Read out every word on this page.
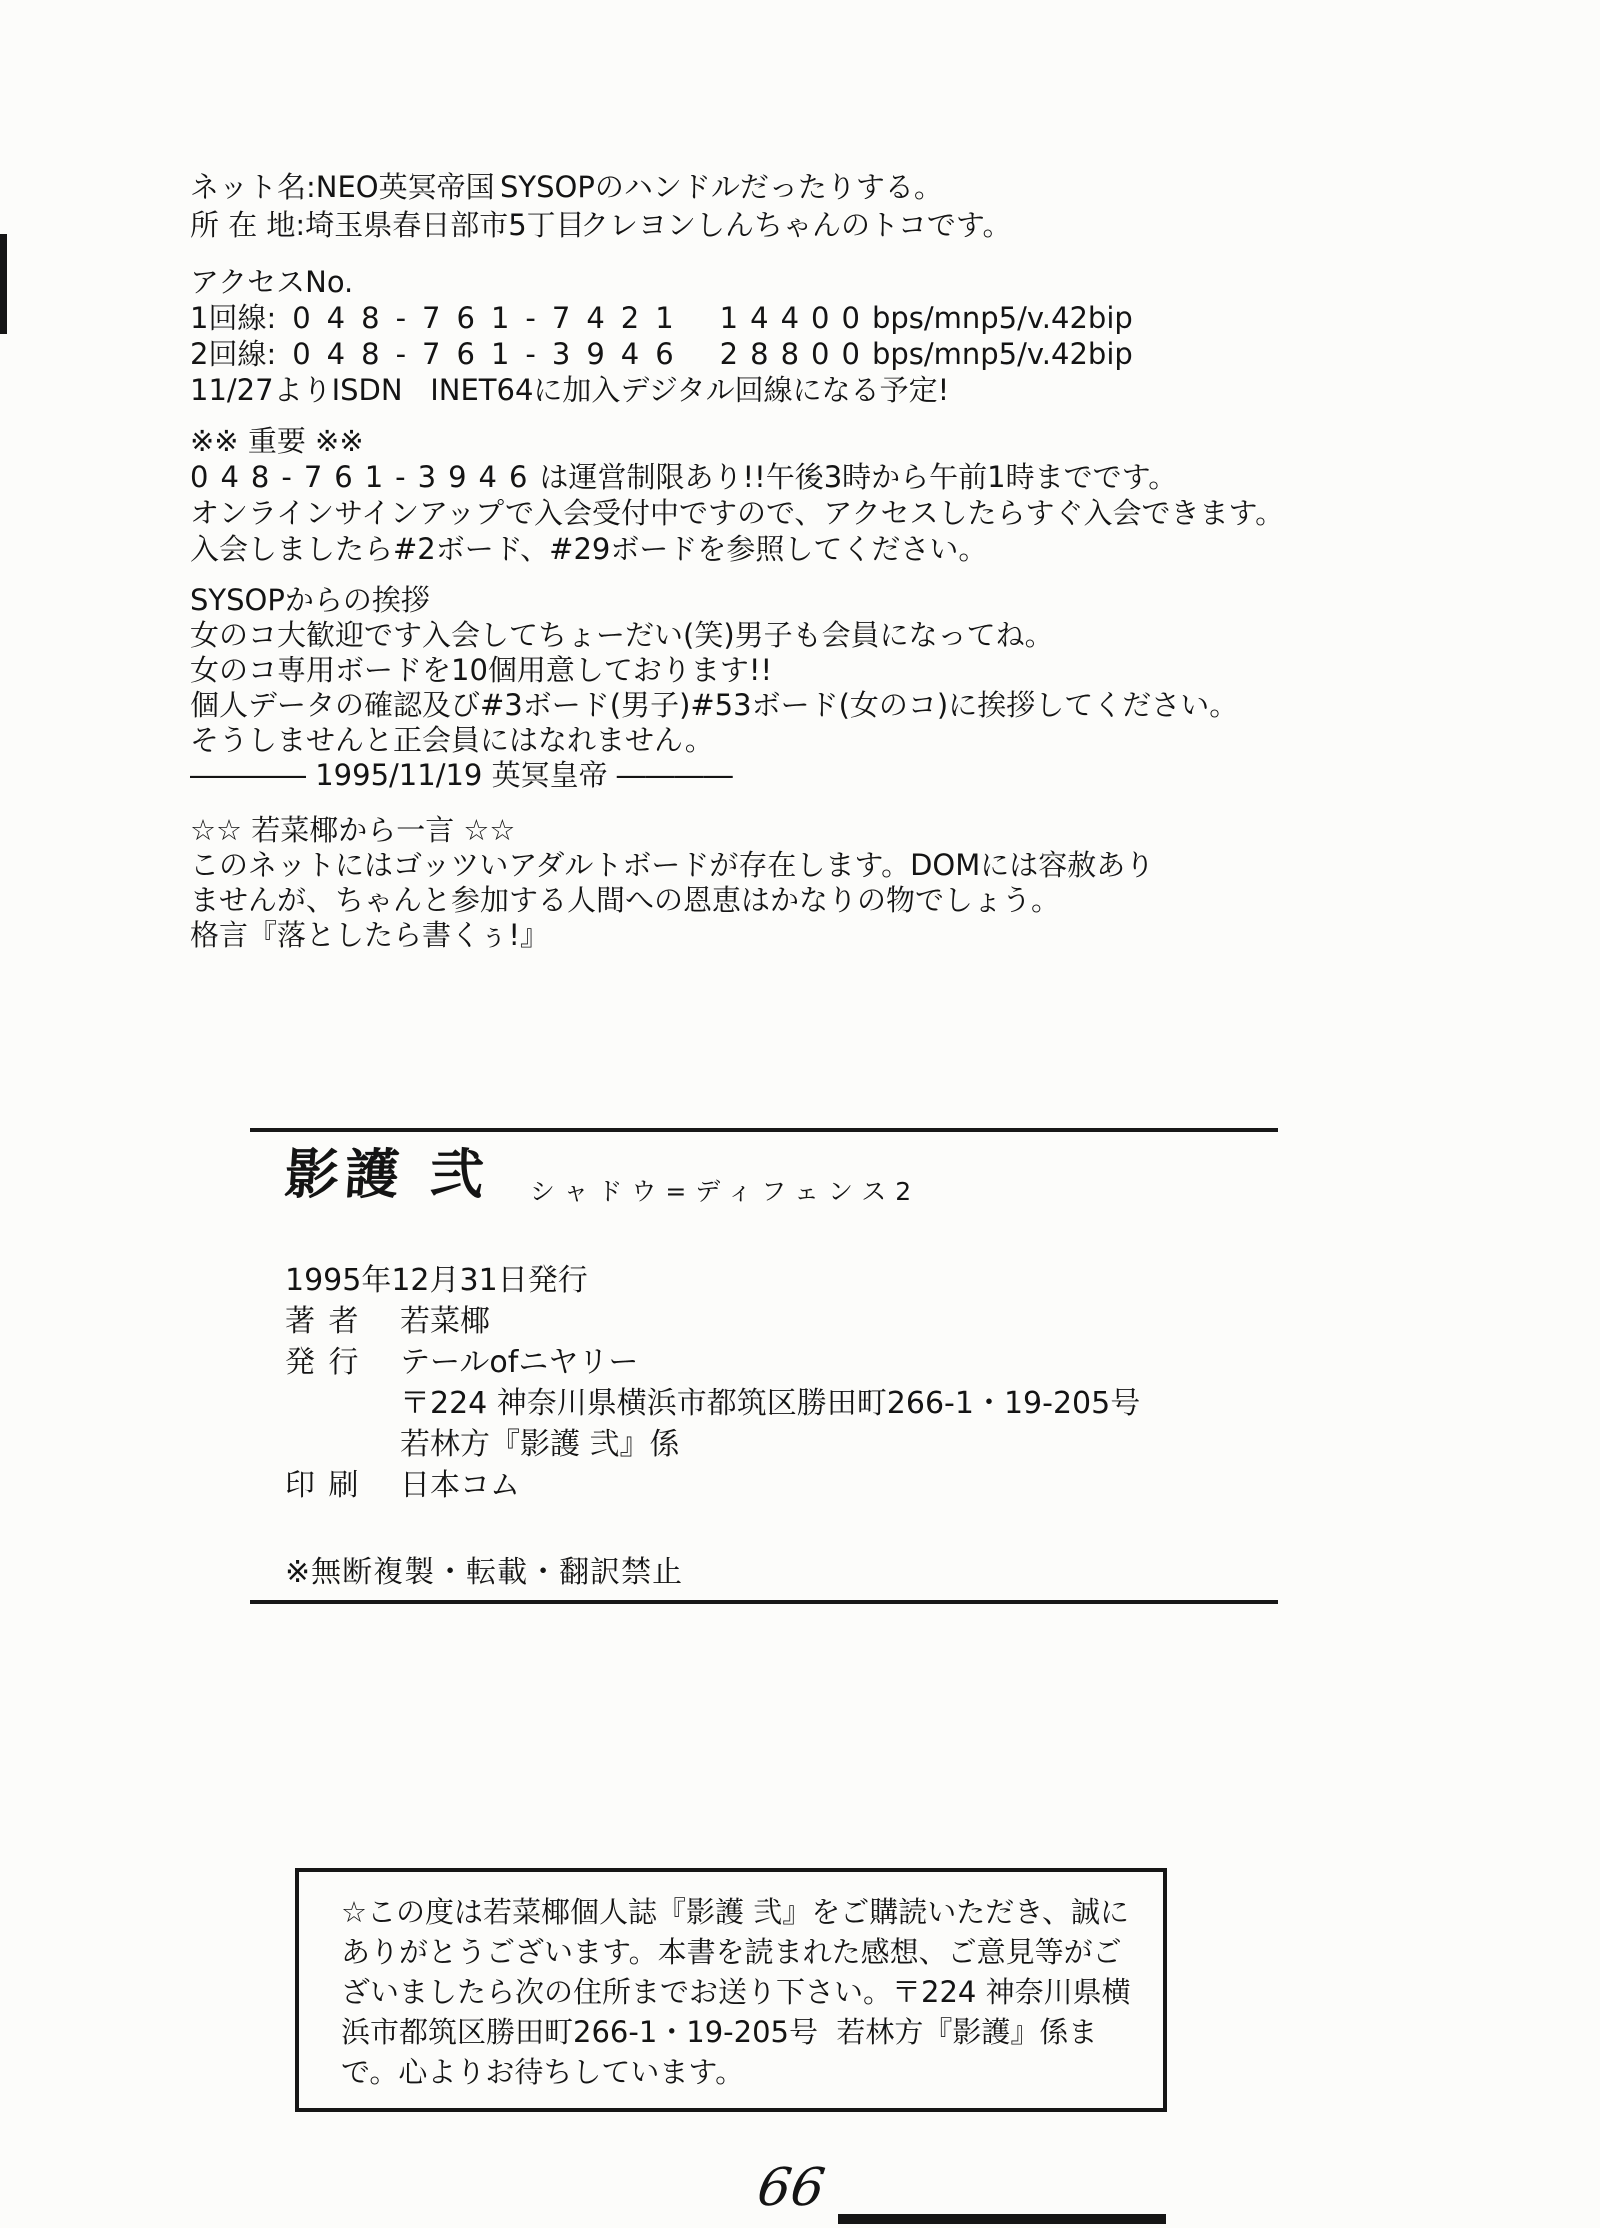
ネット名:NEO英冥帝国 SYSOPのハンドルだったりする。
所 在 地:埼玉県春日部市5丁目
クレヨンしんちゃんのトコです。
アクセスNo.
1回線: 048-761-7421 14400 bps/mnp5/v.42bip
2回線: 048-761-3946 28800 bps/mnp5/v.42bip
11/27よりISDN   INET64に加入デジタル回線になる予定!
※※ 重要 ※※
048-761-3946 は運営制限あり!!午後3時から午前1時までです。
オンラインサインアップで入会受付中ですので、アクセスしたらすぐ入会できます。
入会しましたら#2ボード、#29ボードを参照してください。
SYSOPからの挨拶
女のコ大歓迎です入会してちょーだい(笑)男子も会員になってね。
女のコ専用ボードを10個用意しております!!
個人データの確認及び#3ボード(男子)#53ボード(女のコ)に挨拶してください。
そうしませんと正会員にはなれません。
―――― 1995/11/19 英冥皇帝 ――――
☆☆ 若菜椰から一言 ☆☆
このネットにはゴッツいアダルトボードが存在します。DOMには容赦あり
ませんが、ちゃんと参加する人間への恩恵はかなりの物でしょう。
格言『落としたら書くぅ!』
影護 弐 シャドウ=ディフェンス2
1995年12月31日発行
著 者	若菜椰
発 行	テールofニヤリー
〒224 神奈川県横浜市都筑区勝田町266-1・19-205号
若林方『影護 弐』係
印 刷	日本コム
※無断複製・転載・翻訳禁止
☆この度は若菜椰個人誌『影護 弐』をご購読いただき、誠に
ありがとうございます。本書を読まれた感想、ご意見等がご
ざいましたら次の住所までお送り下さい。〒224 神奈川県横
浜市都筑区勝田町266-1・19-205号  若林方『影護』係ま
で。心よりお待ちしています。
66
